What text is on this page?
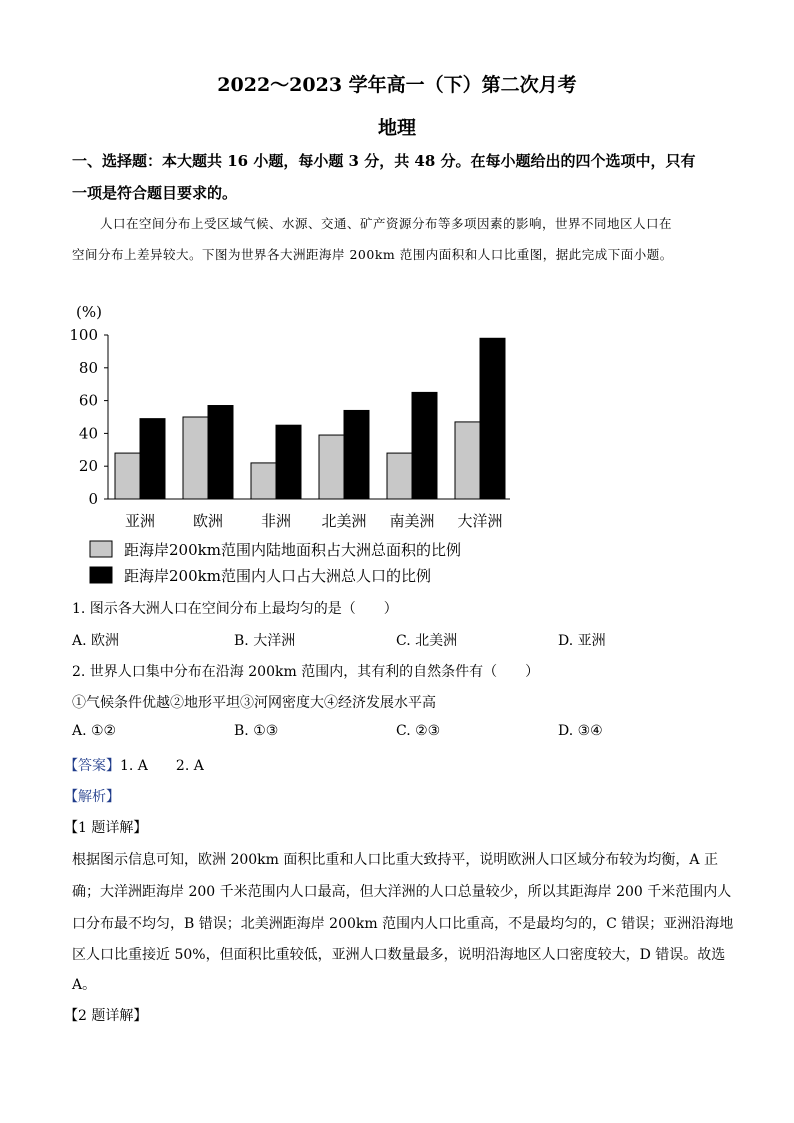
2022～2023 学年高一（下）第二次月考
地理
一、选择题：本大题共 16 小题，每小题 3 分，共 48 分。在每小题给出的四个选项中，只有
一项是符合题目要求的。
人口在空间分布上受区域气候、水源、交通、矿产资源分布等多项因素的影响，世界不同地区人口在
空间分布上差异较大。下图为世界各大洲距海岸 200km 范围内面积和人口比重图，据此完成下面小题。
(%)
0
20
40
60
80
100
亚洲	欧洲	非洲 北美洲 南美洲 大洋洲
距海岸200km范围内陆地面积占大洲总面积的比例
距海岸200km范围内人口占大洲总人口的比例
1. 图示各大洲人口在空间分布上最均匀的是（　　）
A. 欧洲	B. 大洋洲	C. 北美洲	D. 亚洲
2. 世界人口集中分布在沿海 200km 范围内，其有利的自然条件有（　　）
①气候条件优越②地形平坦③河网密度大④经济发展水平高
A. ①②	B. ①③	C. ②③	D. ③④
【答案】1. A　　2. A
【解析】
【1 题详解】
根据图示信息可知，欧洲 200km 面积比重和人口比重大致持平，说明欧洲人口区域分布较为均衡，A 正
确；大洋洲距海岸 200 千米范围内人口最高，但大洋洲的人口总量较少，所以其距海岸 200 千米范围内人
口分布最不均匀，B 错误；北美洲距海岸 200km 范围内人口比重高，不是最均匀的，C 错误；亚洲沿海地
区人口比重接近 50%，但面积比重较低，亚洲人口数量最多，说明沿海地区人口密度较大，D 错误。故选
A。
【2 题详解】
